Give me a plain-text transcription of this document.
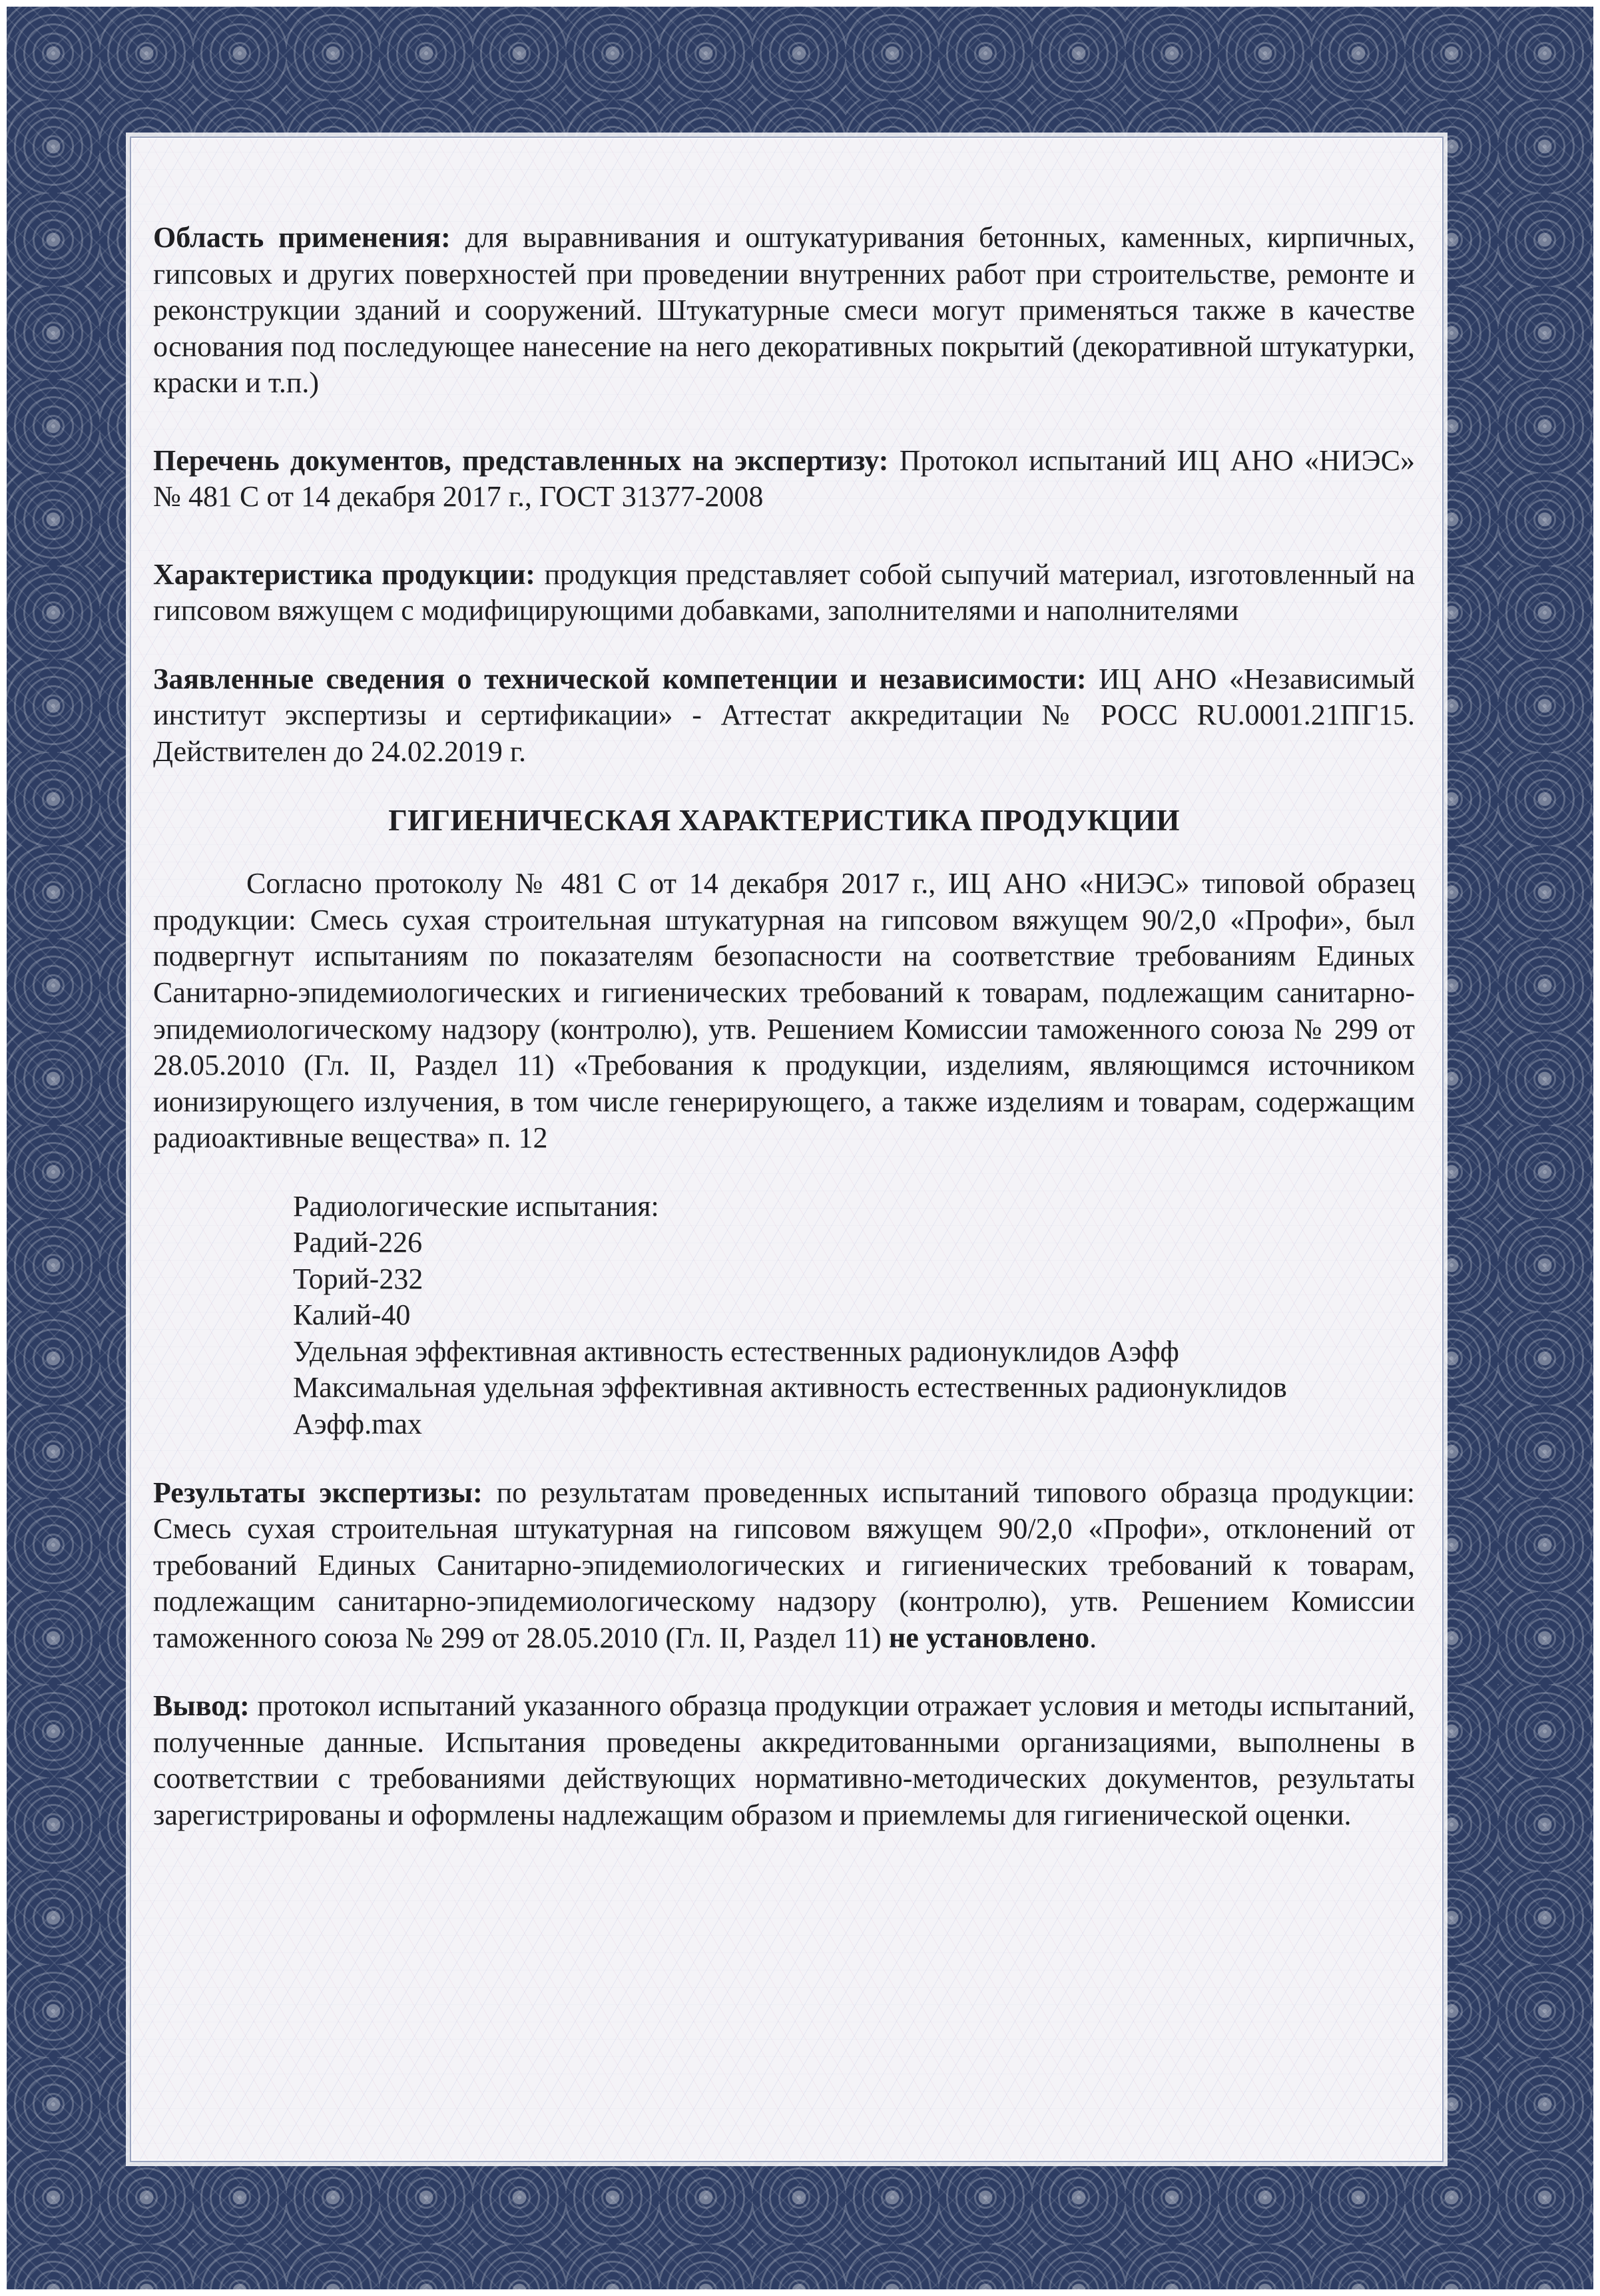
Область применения: для выравнивания и оштукатуривания бетонных, каменных, кирпичных, гипсовых и других поверхностей при проведении внутренних работ при строительстве, ремонте и реконструкции зданий и сооружений. Штукатурные смеси могут применяться также в качестве основания под последующее нанесение на него декоративных покрытий (декоративной штукатурки, краски и т.п.)

Перечень документов, представленных на экспертизу: Протокол испытаний ИЦ АНО «НИЭС» № 481 С от 14 декабря 2017 г., ГОСТ 31377-2008

Характеристика продукции: продукция представляет собой сыпучий материал, изготовленный на гипсовом вяжущем с модифицирующими добавками, заполнителями и наполнителями

Заявленные сведения о технической компетенции и независимости: ИЦ АНО «Независимый институт экспертизы и сертификации» - Аттестат аккредитации № РОСС RU.0001.21ПГ15. Действителен до 24.02.2019 г.

ГИГИЕНИЧЕСКАЯ ХАРАКТЕРИСТИКА ПРОДУКЦИИ

Согласно протоколу № 481 С от 14 декабря 2017 г., ИЦ АНО «НИЭС» типовой образец продукции: Смесь сухая строительная штукатурная на гипсовом вяжущем 90/2,0 «Профи», был подвергнут испытаниям по показателям безопасности на соответствие требованиям Единых Санитарно-эпидемиологических и гигиенических требований к товарам, подлежащим санитарно-эпидемиологическому надзору (контролю), утв. Решением Комиссии таможенного союза № 299 от 28.05.2010 (Гл. II, Раздел 11) «Требования к продукции, изделиям, являющимся источником ионизирующего излучения, в том числе генерирующего, а также изделиям и товарам, содержащим радиоактивные вещества» п. 12

Радиологические испытания:
Радий-226
Торий-232
Калий-40
Удельная эффективная активность естественных радионуклидов Аэфф
Максимальная удельная эффективная активность естественных радионуклидов Аэфф.max

Результаты экспертизы: по результатам проведенных испытаний типового образца продукции: Смесь сухая строительная штукатурная на гипсовом вяжущем 90/2,0 «Профи», отклонений от требований Единых Санитарно-эпидемиологических и гигиенических требований к товарам, подлежащим санитарно-эпидемиологическому надзору (контролю), утв. Решением Комиссии таможенного союза № 299 от 28.05.2010 (Гл. II, Раздел 11) не установлено.

Вывод: протокол испытаний указанного образца продукции отражает условия и методы испытаний, полученные данные. Испытания проведены аккредитованными организациями, выполнены в соответствии с требованиями действующих нормативно-методических документов, результаты зарегистрированы и оформлены надлежащим образом и приемлемы для гигиенической оценки.
